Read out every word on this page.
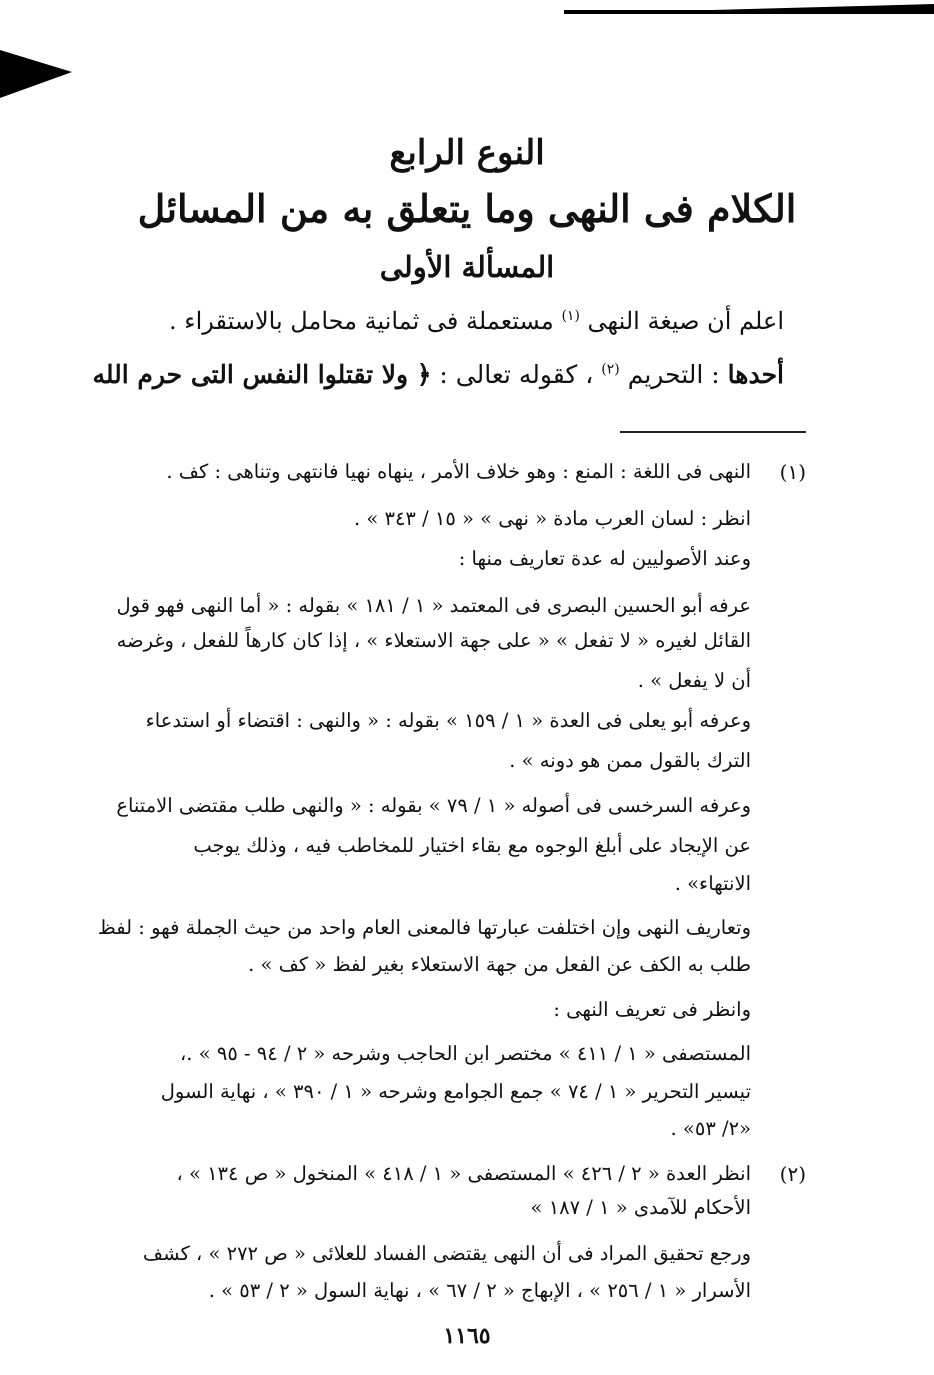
النوع الرابع
الكلام فى النهى وما يتعلق به من المسائل
المسألة الأولى

اعلم أن صيغة النهى $^{(١)}$ مستعملة فى ثمانية محامل بالاستقراء .

أحدها : التحريم $^{(٢)}$ ، كقوله تعالى : ﴿ ولا تقتلوا النفس التى حرم الله

(١)

النهى فى اللغة : المنع : وهو خلاف الأمر ، ينهاه نهيا فانتهى وتناهى : كف .

انظر : لسان العرب مادة « نهى » « ١٥ / ٣٤٣ » .

وعند الأصوليين له عدة تعاريف منها :

عرفه أبو الحسين البصرى فى المعتمد « ١ / ١٨١ » بقوله : « أما النهى فهو قول

القائل لغيره « لا تفعل » « على جهة الاستعلاء » ، إذا كان كارهاً للفعل ، وغرضه

أن لا يفعل » .

وعرفه أبو يعلى فى العدة « ١ / ١٥٩ » بقوله : « والنهى : اقتضاء أو استدعاء

الترك بالقول ممن هو دونه » .

وعرفه السرخسى فى أصوله « ١ / ٧٩ » بقوله : « والنهى طلب مقتضى الامتناع

عن الإيجاد على أبلغ الوجوه مع بقاء اختيار للمخاطب فيه ، وذلك يوجب

الانتهاء» .

وتعاريف النهى وإن اختلفت عبارتها فالمعنى العام واحد من حيث الجملة فهو : لفظ

طلب به الكف عن الفعل من جهة الاستعلاء بغير لفظ « كف » .

وانظر فى تعريف النهى :

المستصفى « ١ / ٤١١ » مختصر ابن الحاجب وشرحه « ٢ / ٩٤ - ٩٥ » .،

تيسير التحرير « ١ / ٧٤ » جمع الجوامع وشرحه « ١ / ٣٩٠ » ، نهاية السول

«٢/ ٥٣» .

(٢)

انظر العدة « ٢ / ٤٢٦ » المستصفى « ١ / ٤١٨ » المنخول « ص ١٣٤ » ،

الأحكام للآمدى « ١ / ١٨٧ »

ورجع تحقيق المراد فى أن النهى يقتضى الفساد للعلائى « ص ٢٧٢ » ، كشف

الأسرار « ١ / ٢٥٦ » ، الإبهاج « ٢ / ٦٧ » ، نهاية السول « ٢ / ٥٣ » .

١١٦٥
